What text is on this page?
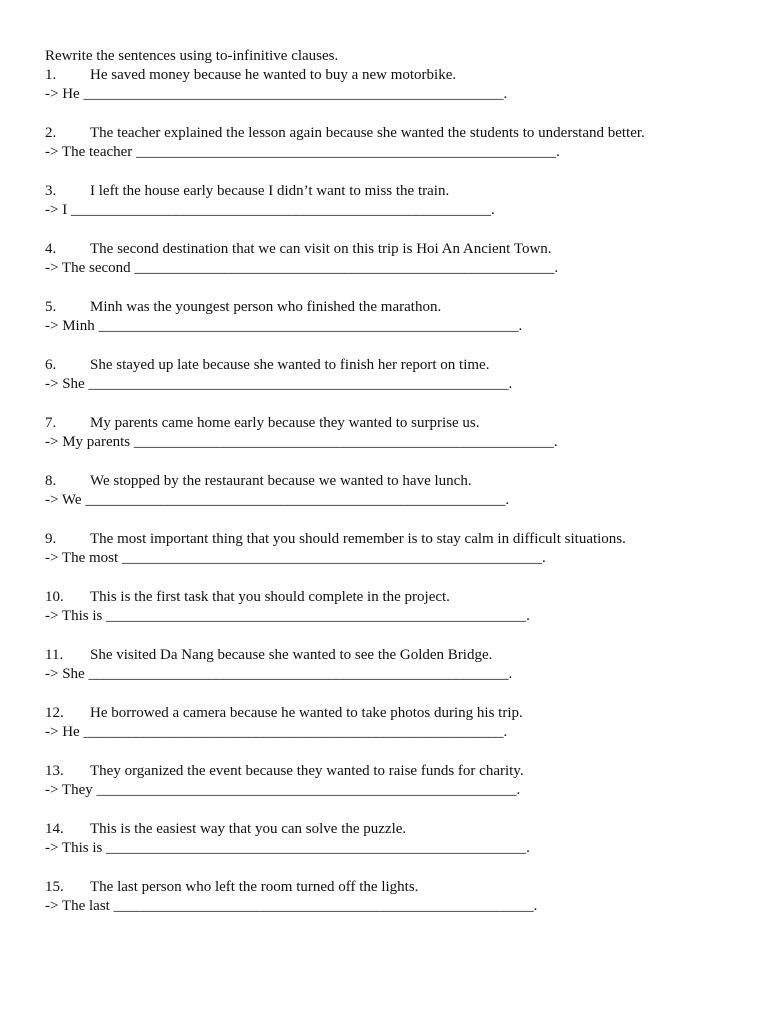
Rewrite the sentences using to-infinitive clauses.
1.	He saved money because he wanted to buy a new motorbike.
-> He ________________________________________________________.
2.	The teacher explained the lesson again because she wanted the students to understand better.
-> The teacher ________________________________________________________.
3.	I left the house early because I didn’t want to miss the train.
-> I ________________________________________________________.
4.	The second destination that we can visit on this trip is Hoi An Ancient Town.
-> The second ________________________________________________________.
5.	Minh was the youngest person who finished the marathon.
-> Minh ________________________________________________________.
6.	She stayed up late because she wanted to finish her report on time.
-> She ________________________________________________________.
7.	My parents came home early because they wanted to surprise us.
-> My parents ________________________________________________________.
8.	We stopped by the restaurant because we wanted to have lunch.
-> We ________________________________________________________.
9.	The most important thing that you should remember is to stay calm in difficult situations.
-> The most ________________________________________________________.
10.	This is the first task that you should complete in the project.
-> This is ________________________________________________________.
11.	She visited Da Nang because she wanted to see the Golden Bridge.
-> She ________________________________________________________.
12.	He borrowed a camera because he wanted to take photos during his trip.
-> He ________________________________________________________.
13.	They organized the event because they wanted to raise funds for charity.
-> They ________________________________________________________.
14.	This is the easiest way that you can solve the puzzle.
-> This is ________________________________________________________.
15.	The last person who left the room turned off the lights.
-> The last ________________________________________________________.
